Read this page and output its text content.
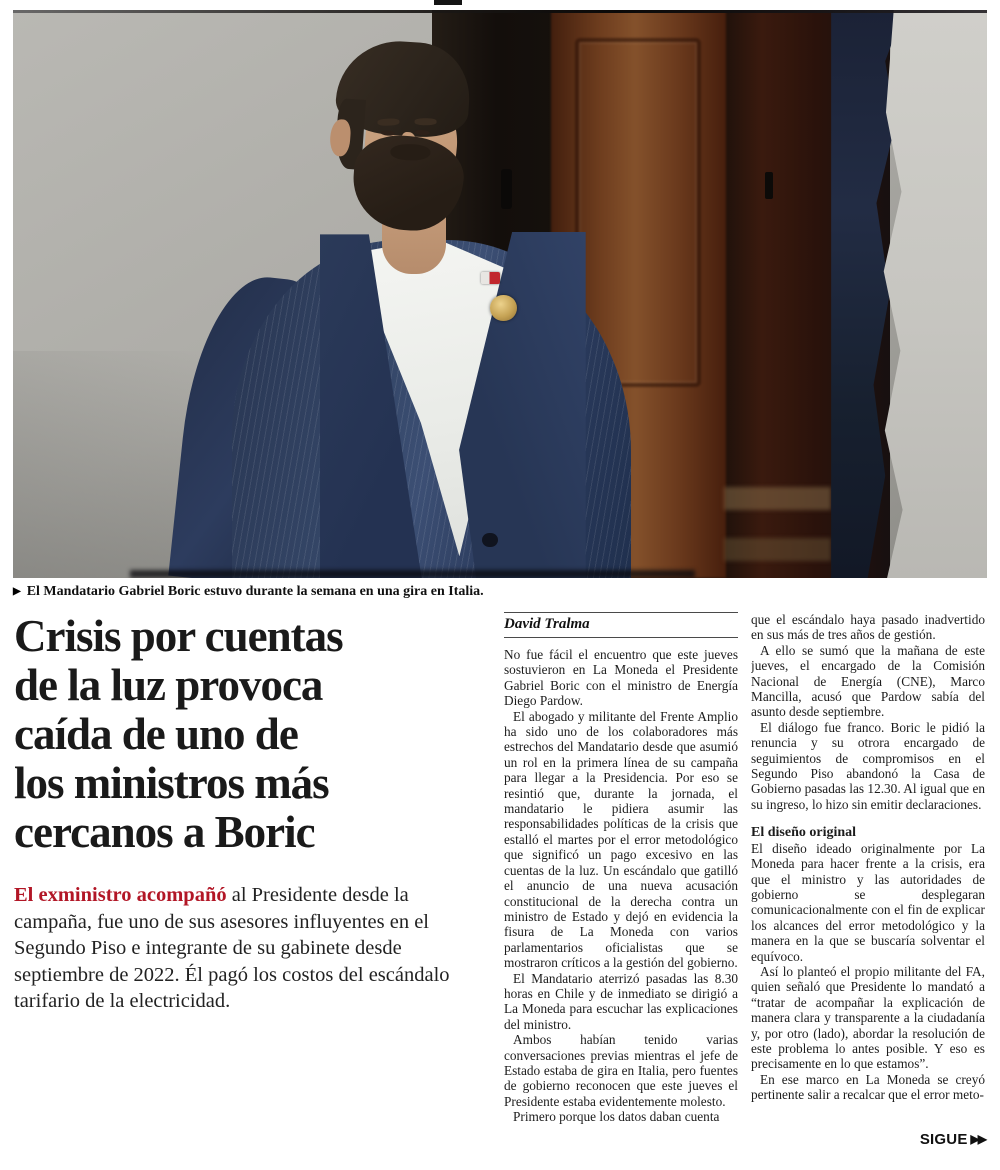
▶ El Mandatario Gabriel Boric estuvo durante la semana en una gira en Italia.
Crisis por cuentas
de la luz provoca
caída de uno de
los ministros más
cercanos a Boric

El exministro acompañó al Presidente desde la campaña, fue uno de sus asesores influyentes en el Segundo Piso e integrante de su gabinete desde septiembre de 2022. Él pagó los costos del escándalo tarifario de la electricidad.

David Tralma

No fue fácil el encuentro que este jueves sostuvieron en La Moneda el Presidente Gabriel Boric con el ministro de Energía Diego Pardow.

El abogado y militante del Frente Amplio ha sido uno de los colaboradores más estrechos del Mandatario desde que asumió un rol en la primera línea de su campaña para llegar a la Presidencia. Por eso se resintió que, durante la jornada, el mandatario le pidiera asumir las responsabilidades políticas de la crisis que estalló el martes por el error metodológico que significó un pago excesivo en las cuentas de la luz. Un escándalo que gatilló el anuncio de una nueva acusación constitucional de la derecha contra un ministro de Estado y dejó en evidencia la fisura de La Moneda con varios parlamentarios oficialistas que se mostraron críticos a la gestión del gobierno.

El Mandatario aterrizó pasadas las 8.30 horas en Chile y de inmediato se dirigió a La Moneda para escuchar las explicaciones del ministro.

Ambos habían tenido varias conversaciones previas mientras el jefe de Estado estaba de gira en Italia, pero fuentes de gobierno reconocen que este jueves el Presidente estaba evidentemente molesto.

Primero porque los datos daban cuenta

que el escándalo haya pasado inadvertido en sus más de tres años de gestión.

A ello se sumó que la mañana de este jueves, el encargado de la Comisión Nacional de Energía (CNE), Marco Mancilla, acusó que Pardow sabía del asunto desde septiembre.

El diálogo fue franco. Boric le pidió la renuncia y su otrora encargado de seguimientos de compromisos en el Segundo Piso abandonó la Casa de Gobierno pasadas las 12.30. Al igual que en su ingreso, lo hizo sin emitir declaraciones.

El diseño original

El diseño ideado originalmente por La Moneda para hacer frente a la crisis, era que el ministro y las autoridades de gobierno se desplegaran comunicacionalmente con el fin de explicar los alcances del error metodológico y la manera en la que se buscaría solventar el equívoco.

Así lo planteó el propio militante del FA, quien señaló que Presidente lo mandató a “tratar de acompañar la explicación de manera clara y transparente a la ciudadanía y, por otro (lado), abordar la resolución de este problema lo antes posible. Y eso es precisamente en lo que estamos”.

En ese marco en La Moneda se creyó pertinente salir a recalcar que el error meto-

SIGUE ▶▶
